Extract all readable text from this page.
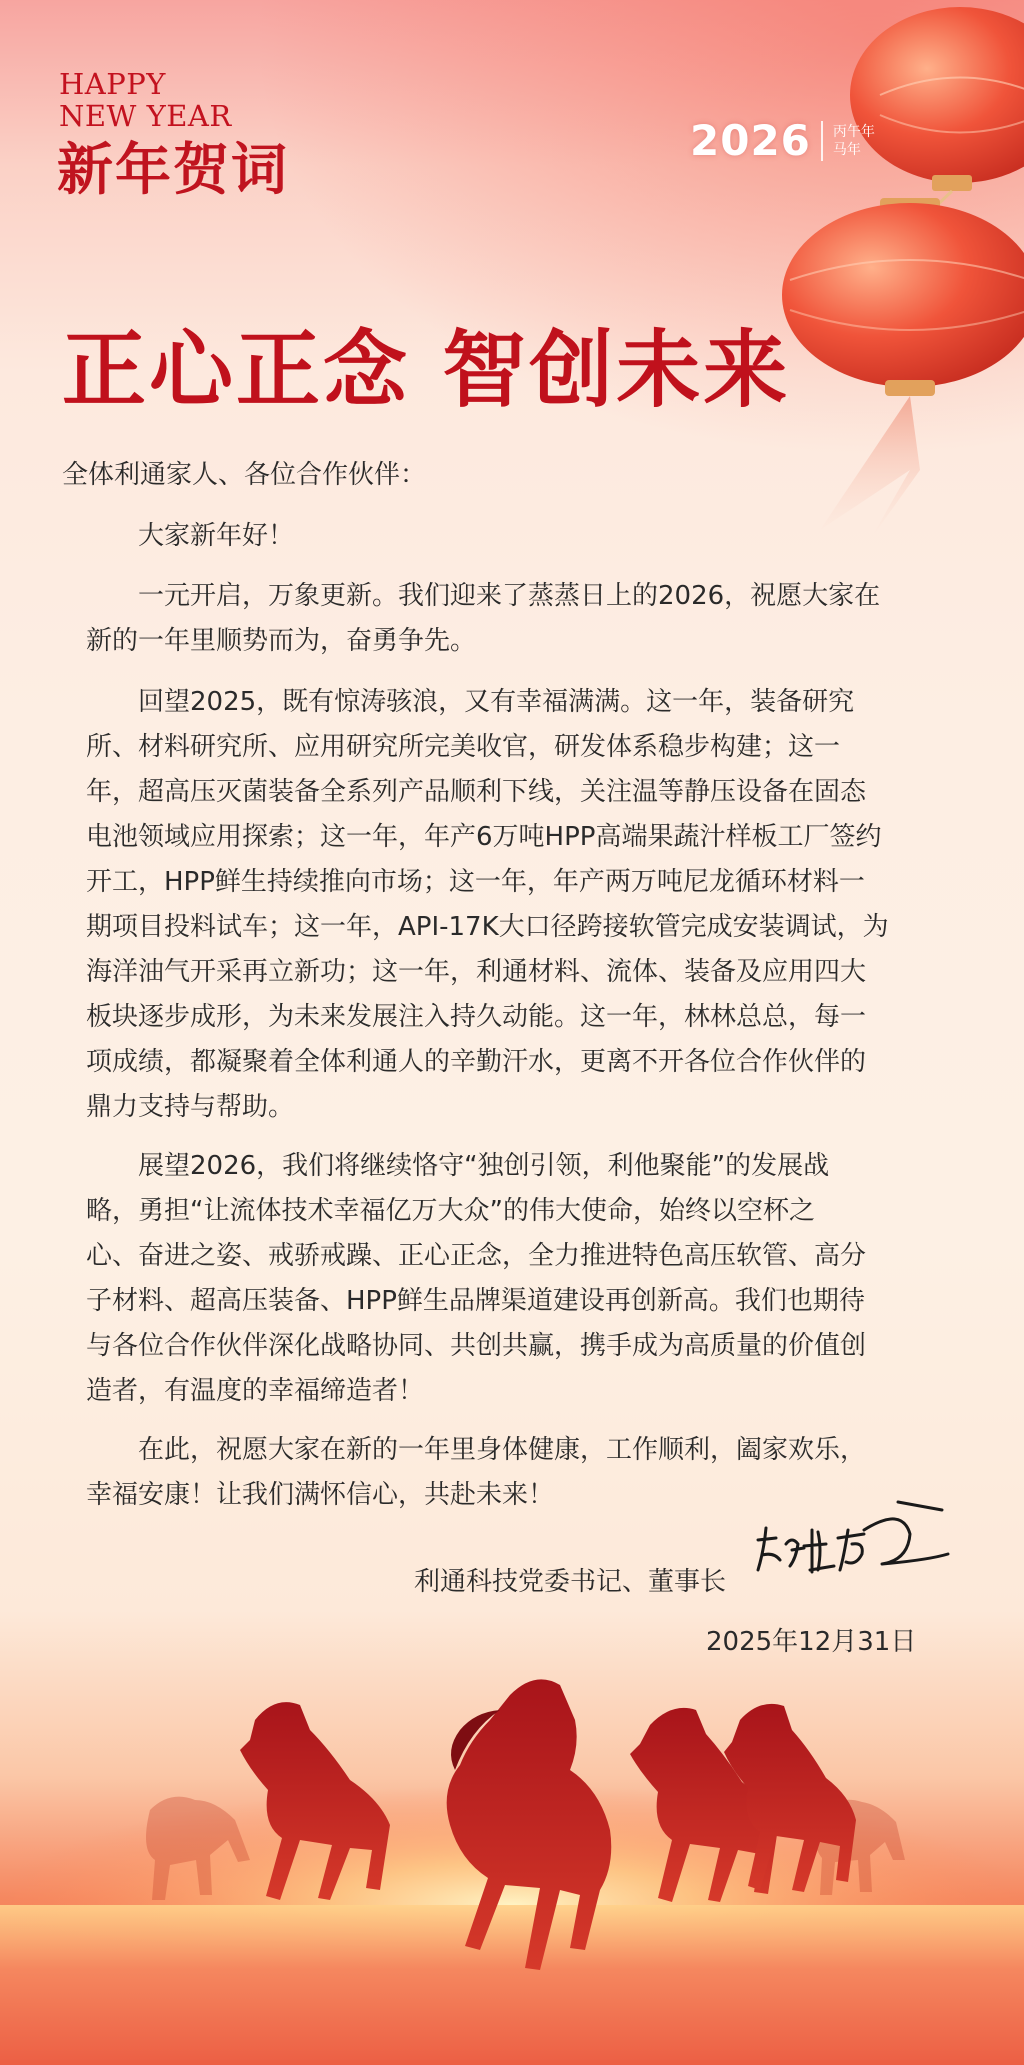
HAPPY
NEW YEAR
新年贺词	2026 丙午年
马年
正心正念 智创未来
全体利通家人、各位合作伙伴：
大家新年好！
一元开启，万象更新。我们迎来了蒸蒸日上的2026，祝愿大家在
新的一年里顺势而为，奋勇争先。
回望2025，既有惊涛骇浪，又有幸福满满。这一年，装备研究
所、材料研究所、应用研究所完美收官，研发体系稳步构建；这一
年，超高压灭菌装备全系列产品顺利下线，关注温等静压设备在固态
电池领域应用探索；这一年，年产6万吨HPP高端果蔬汁样板工厂签约
开工，HPP鲜生持续推向市场；这一年，年产两万吨尼龙循环材料一
期项目投料试车；这一年，API-17K大口径跨接软管完成安装调试，为
海洋油气开采再立新功；这一年，利通材料、流体、装备及应用四大
板块逐步成形，为未来发展注入持久动能。这一年，林林总总，每一
项成绩，都凝聚着全体利通人的辛勤汗水，更离不开各位合作伙伴的
鼎力支持与帮助。
展望2026，我们将继续恪守“独创引领，利他聚能”的发展战
略，勇担“让流体技术幸福亿万大众”的伟大使命，始终以空杯之
心、奋进之姿、戒骄戒躁、正心正念，全力推进特色高压软管、高分
子材料、超高压装备、HPP鲜生品牌渠道建设再创新高。我们也期待
与各位合作伙伴深化战略协同、共创共赢，携手成为高质量的价值创
造者，有温度的幸福缔造者！
在此，祝愿大家在新的一年里身体健康，工作顺利，阖家欢乐，
幸福安康！让我们满怀信心，共赴未来！
利通科技党委书记、董事长
2025年12月31日
